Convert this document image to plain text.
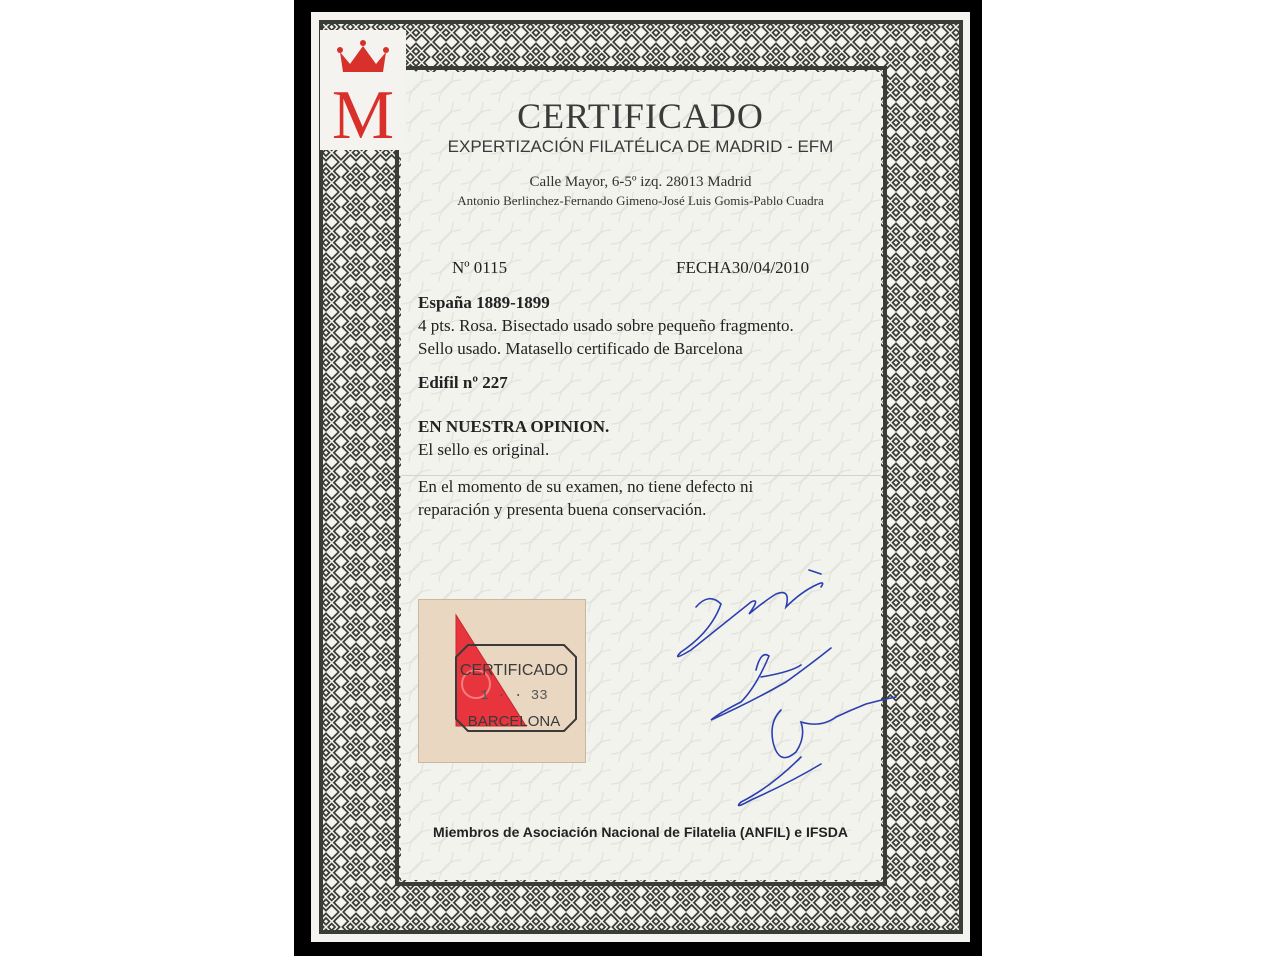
M	CERTIFICADO
EXPERTIZACIÓN FILATÉLICA DE MADRID - EFM
Calle Mayor, 6-5º izq. 28013 Madrid
Antonio Berlinchez-Fernando Gimeno-José Luis Gomis-Pablo Cuadra
Nº 0115	FECHA30/04/2010
España 1889-1899
4 pts. Rosa. Bisectado usado sobre pequeño fragmento.
Sello usado. Matasello certificado de Barcelona
Edifil nº 227
EN NUESTRA OPINION.
El sello es original.
En el momento de su examen, no tiene defecto ni
reparación y presenta buena conservación.
CERTIFICADO
1 · · 33
BARCELONA
Miembros de Asociación Nacional de Filatelia (ANFIL) e IFSDA
